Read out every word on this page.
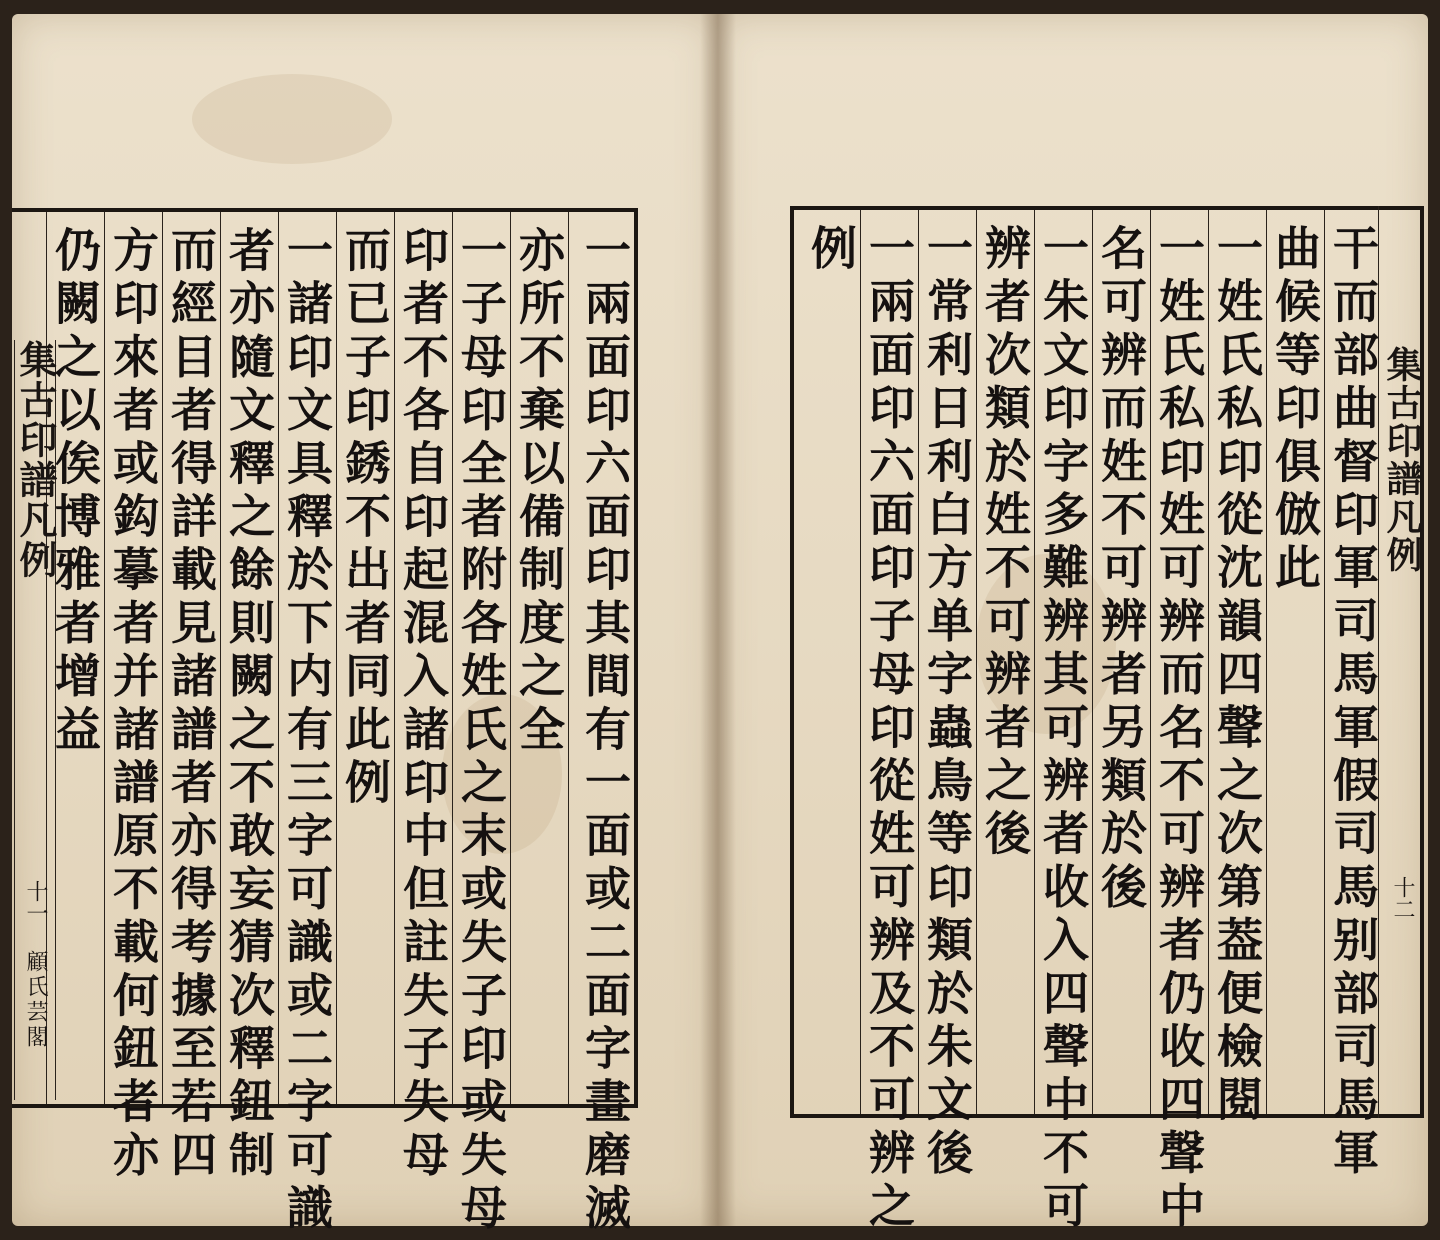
一兩面印六面印其間有一面或二面字畫磨滅
亦所不棄以備制度之全
一子母印全者附各姓氏之末或失子印或失母
印者不各自印起混入諸印中但註失子失母
而已子印銹不出者同此例
一諸印文具釋於下内有三字可識或二字可識
者亦隨文釋之餘則闕之不敢妄猜次釋鈕制
而經目者得詳載見諸譜者亦得考據至若四
方印來者或鈎摹者并諸譜原不載何鈕者亦
仍闕之以俟博雅者增益
集古印譜凡例
十一
顧氏芸閣	干而部曲督印軍司馬軍假司馬别部司馬軍
曲候等印俱倣此
一姓氏私印從沈韻四聲之次第葢便檢閱
一姓氏私印姓可辨而名不可辨者仍收四聲中
名可辨而姓不可辨者另類於後
一朱文印字多難辨其可辨者收入四聲中不可
辨者次類於姓不可辨者之後
一常利日利白方单字蟲鳥等印類於朱文後
一兩面印六面印子母印從姓可辨及不可辨之
例
集古印譜凡例
十二
